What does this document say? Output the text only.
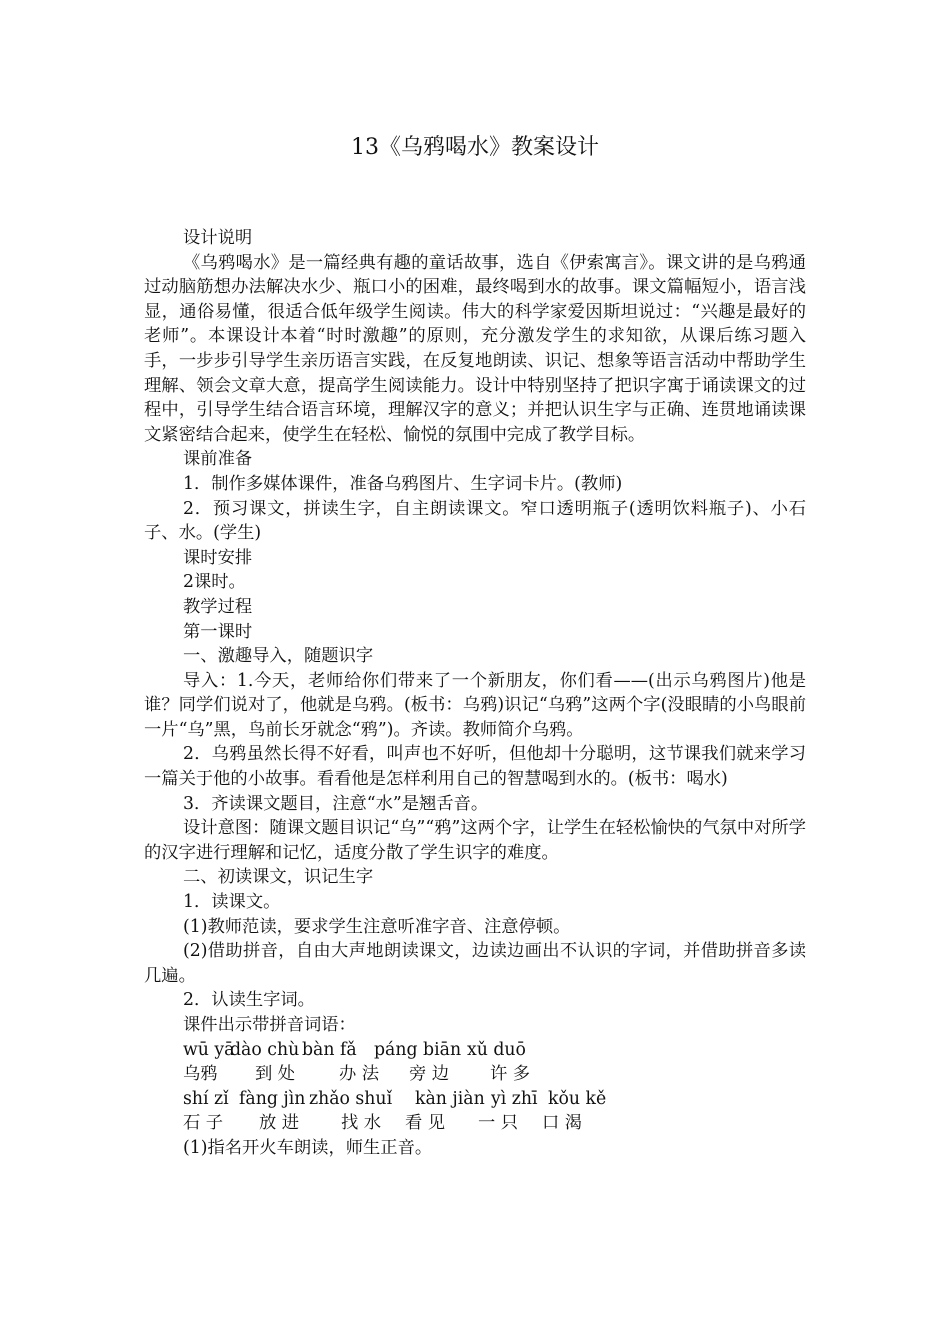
13《乌鸦喝水》教案设计

设计说明

《乌鸦喝水》是一篇经典有趣的童话故事，选自《伊索寓言》。课文讲的是乌鸦通过动脑筋想办法解决水少、瓶口小的困难，最终喝到水的故事。课文篇幅短小，语言浅显，通俗易懂，很适合低年级学生阅读。伟大的科学家爱因斯坦说过：“兴趣是最好的老师”。本课设计本着“时时激趣”的原则，充分激发学生的求知欲，从课后练习题入手，一步步引导学生亲历语言实践，在反复地朗读、识记、想象等语言活动中帮助学生理解、领会文章大意，提高学生阅读能力。设计中特别坚持了把识字寓于诵读课文的过程中，引导学生结合语言环境，理解汉字的意义；并把认识生字与正确、连贯地诵读课文紧密结合起来，使学生在轻松、愉悦的氛围中完成了教学目标。

课前准备

1．制作多媒体课件，准备乌鸦图片、生字词卡片。(教师)

2．预习课文，拼读生字，自主朗读课文。窄口透明瓶子(透明饮料瓶子)、小石子、水。(学生)

课时安排

2课时。

教学过程

第一课时

一、激趣导入，随题识字

导入：1.今天，老师给你们带来了一个新朋友，你们看——(出示乌鸦图片)他是谁？同学们说对了，他就是乌鸦。(板书：乌鸦)识记“乌鸦”这两个字(没眼睛的小鸟眼前一片“乌”黑，鸟前长牙就念“鸦”)。齐读。教师简介乌鸦。

2．乌鸦虽然长得不好看，叫声也不好听，但他却十分聪明，这节课我们就来学习一篇关于他的小故事。看看他是怎样利用自己的智慧喝到水的。(板书：喝水)

3．齐读课文题目，注意“水”是翘舌音。

设计意图：随课文题目识记“乌”“鸦”这两个字，让学生在轻松愉快的气氛中对所学的汉字进行理解和记忆，适度分散了学生识字的难度。

二、初读课文，识记生字

1．读课文。

(1)教师范读，要求学生注意听准字音、注意停顿。

(2)借助拼音，自由大声地朗读课文，边读边画出不认识的字词，并借助拼音多读几遍。

2．认读生字词。

课件出示带拼音词语：

wū yā
dào chù bàn fǎ	páng biān xǔ duō
乌鸦	到 处	办 法	旁 边	许 多
shí zǐ fàng jìn zhǎo shuǐ	kàn jiàn yì zhī kǒu kě
石 子	放 进	找 水	看 见	一 只	口 渴

(1)指名开火车朗读，师生正音。
